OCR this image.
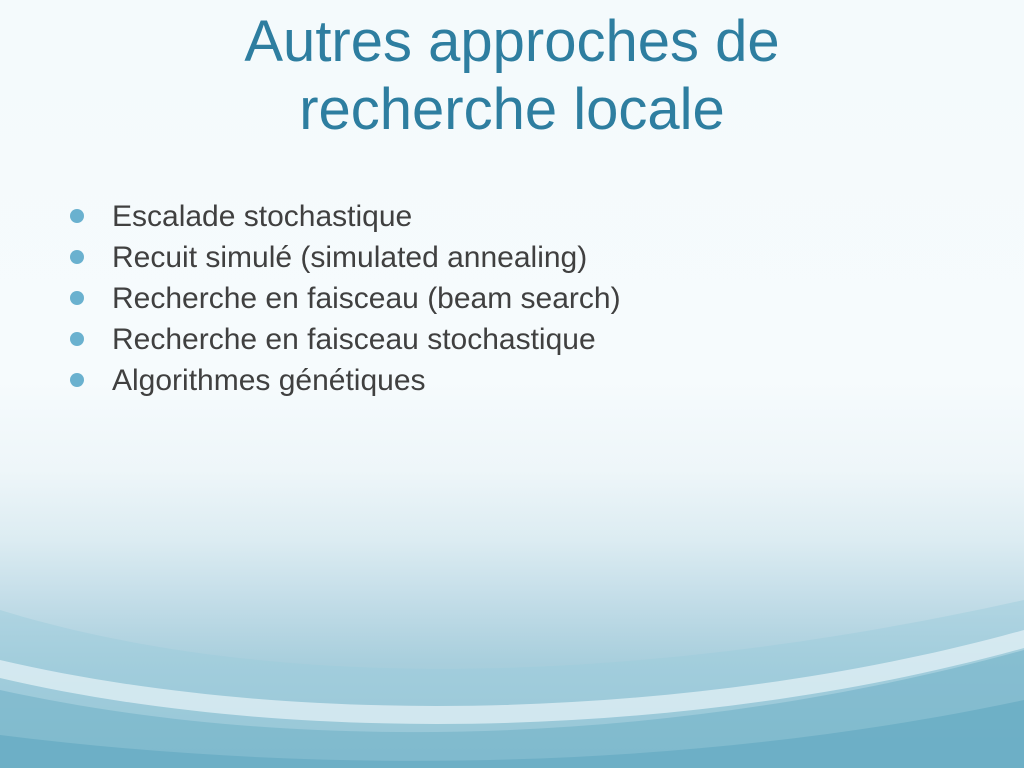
Autres approches de
recherche locale
Escalade stochastique
Recuit simulé (simulated annealing)
Recherche en faisceau (beam search)
Recherche en faisceau stochastique
Algorithmes génétiques
